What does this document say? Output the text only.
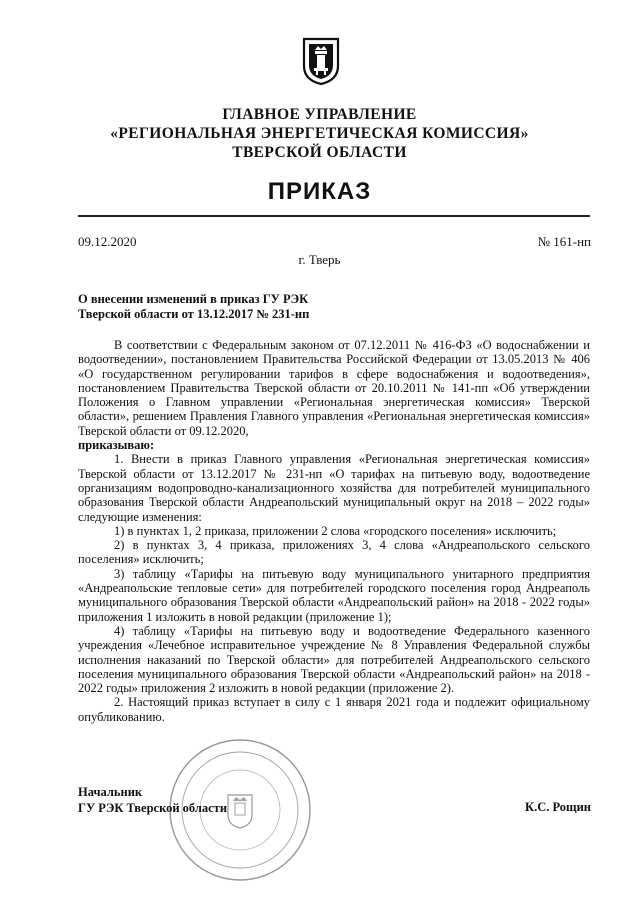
ГЛАВНОЕ УПРАВЛЕНИЕ
«РЕГИОНАЛЬНАЯ ЭНЕРГЕТИЧЕСКАЯ КОМИССИЯ»
ТВЕРСКОЙ ОБЛАСТИ
ПРИКАЗ
09.12.2020	№ 161-нп
г. Тверь
О внесении изменений в приказ ГУ РЭК
Тверской области от 13.12.2017 № 231-нп

В соответствии с Федеральным законом от 07.12.2011 № 416-ФЗ «О водоснабжении и водоотведении», постановлением Правительства Российской Федерации от 13.05.2013 № 406 «О государственном регулировании тарифов в сфере водоснабжения и водоотведения», постановлением Правительства Тверской области от 20.10.2011 № 141-пп «Об утверждении Положения о Главном управлении «Региональная энергетическая комиссия» Тверской области», решением Правления Главного управления «Региональная энергетическая комиссия» Тверской области от 09.12.2020,

приказываю:

1. Внести в приказ Главного управления «Региональная энергетическая комиссия» Тверской области от 13.12.2017 № 231-нп «О тарифах на питьевую воду, водоотведение организациям водопроводно-канализационного хозяйства для потребителей муниципального образования Тверской области Андреапольский муниципальный округ на 2018 – 2022 годы» следующие изменения:

1) в пунктах 1, 2 приказа, приложении 2 слова «городского поселения» исключить;

2) в пунктах 3, 4 приказа, приложениях 3, 4 слова «Андреапольского сельского поселения» исключить;

3) таблицу «Тарифы на питьевую воду муниципального унитарного предприятия «Андреапольские тепловые сети» для потребителей городского поселения город Андреаполь муниципального образования Тверской области «Андреапольский район» на 2018 - 2022 годы» приложения 1 изложить в новой редакции (приложение 1);

4) таблицу «Тарифы на питьевую воду и водоотведение Федерального казенного учреждения «Лечебное исправительное учреждение № 8 Управления Федеральной службы исполнения наказаний по Тверской области» для потребителей Андреапольского сельского поселения муниципального образования Тверской области «Андреапольский район» на 2018 - 2022 годы» приложения 2 изложить в новой редакции (приложение 2).

2. Настоящий приказ вступает в силу с 1 января 2021 года и подлежит официальному опубликованию.

Начальник
ГУ РЭК Тверской области	К.С. Рощин
